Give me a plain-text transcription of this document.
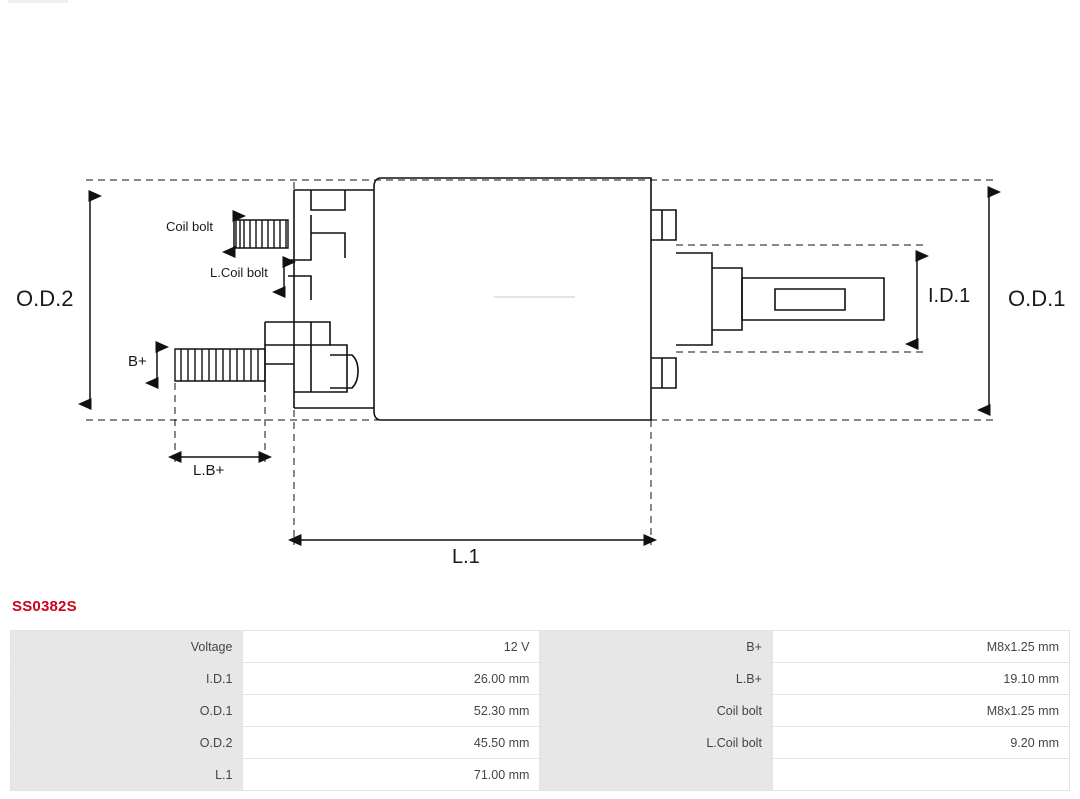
O.D.2	O.D.1
I.D.1
L.1
L.B+
B+
Coil bolt
L.Coil bolt
SS0382S
Voltage	12 V	B+	M8x1.25 mm
I.D.1	26.00 mm	L.B+	19.10 mm
O.D.1	52.30 mm	Coil bolt	M8x1.25 mm
O.D.2	45.50 mm	L.Coil bolt	9.20 mm
L.1	71.00 mm		
